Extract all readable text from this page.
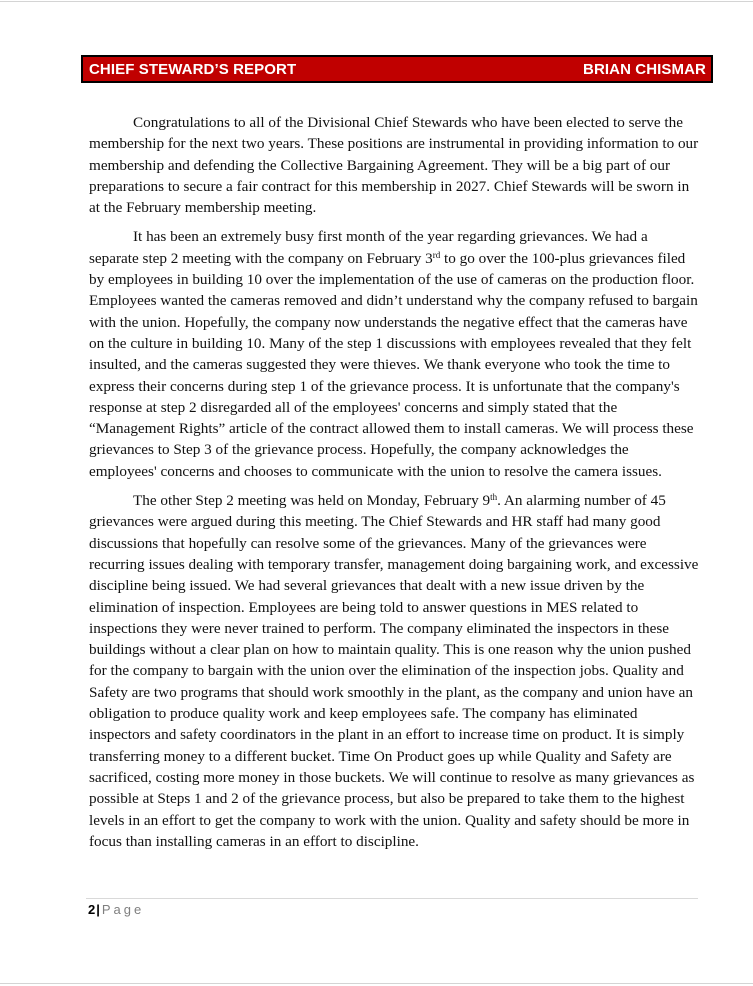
CHIEF STEWARD’S REPORT	BRIAN CHISMAR

Congratulations to all of the Divisional Chief Stewards who have been elected to serve the membership for the next two years. These positions are instrumental in providing information to our membership and defending the Collective Bargaining Agreement. They will be a big part of our preparations to secure a fair contract for this membership in 2027. Chief Stewards will be sworn in at the February membership meeting.

It has been an extremely busy first month of the year regarding grievances. We had a separate step 2 meeting with the company on February 3rd to go over the 100-plus grievances filed by employees in building 10 over the implementation of the use of cameras on the production floor. Employees wanted the cameras removed and didn’t understand why the company refused to bargain with the union. Hopefully, the company now understands the negative effect that the cameras have on the culture in building 10. Many of the step 1 discussions with employees revealed that they felt insulted, and the cameras suggested they were thieves. We thank everyone who took the time to express their concerns during step 1 of the grievance process. It is unfortunate that the company's response at step 2 disregarded all of the employees' concerns and simply stated that the “Management Rights” article of the contract allowed them to install cameras. We will process these grievances to Step 3 of the grievance process. Hopefully, the company acknowledges the employees' concerns and chooses to communicate with the union to resolve the camera issues.

The other Step 2 meeting was held on Monday, February 9th. An alarming number of 45 grievances were argued during this meeting. The Chief Stewards and HR staff had many good discussions that hopefully can resolve some of the grievances. Many of the grievances were recurring issues dealing with temporary transfer, management doing bargaining work, and excessive discipline being issued. We had several grievances that dealt with a new issue driven by the elimination of inspection. Employees are being told to answer questions in MES related to inspections they were never trained to perform. The company eliminated the inspectors in these buildings without a clear plan on how to maintain quality. This is one reason why the union pushed for the company to bargain with the union over the elimination of the inspection jobs. Quality and Safety are two programs that should work smoothly in the plant, as the company and union have an obligation to produce quality work and keep employees safe. The company has eliminated inspectors and safety coordinators in the plant in an effort to increase time on product. It is simply transferring money to a different bucket. Time On Product goes up while Quality and Safety are sacrificed, costing more money in those buckets. We will continue to resolve as many grievances as possible at Steps 1 and 2 of the grievance process, but also be prepared to take them to the highest levels in an effort to get the company to work with the union. Quality and safety should be more in focus than installing cameras in an effort to discipline.

2 | Page
